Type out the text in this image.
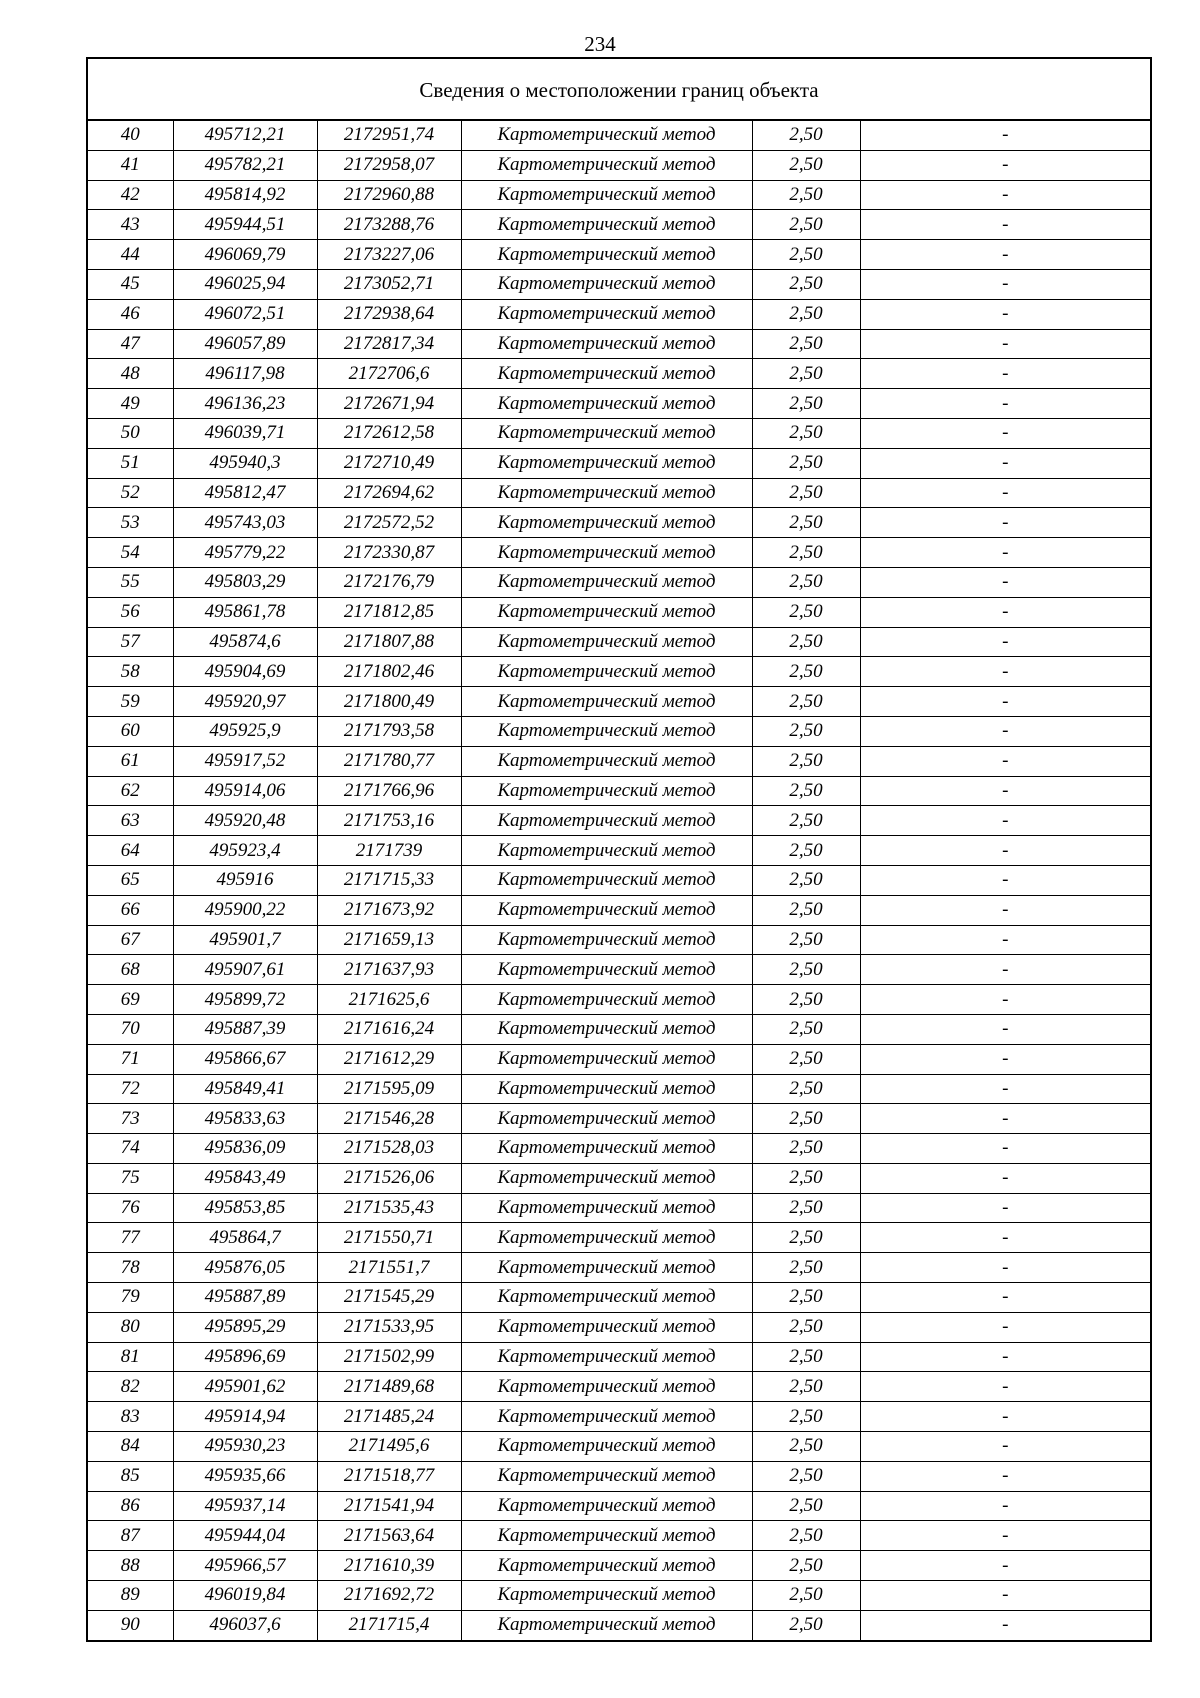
234
Сведения о местоположении границ объекта
40	495712,21	2172951,74	Картометрический метод	2,50	-
41	495782,21	2172958,07	Картометрический метод	2,50	-
42	495814,92	2172960,88	Картометрический метод	2,50	-
43	495944,51	2173288,76	Картометрический метод	2,50	-
44	496069,79	2173227,06	Картометрический метод	2,50	-
45	496025,94	2173052,71	Картометрический метод	2,50	-
46	496072,51	2172938,64	Картометрический метод	2,50	-
47	496057,89	2172817,34	Картометрический метод	2,50	-
48	496117,98	2172706,6	Картометрический метод	2,50	-
49	496136,23	2172671,94	Картометрический метод	2,50	-
50	496039,71	2172612,58	Картометрический метод	2,50	-
51	495940,3	2172710,49	Картометрический метод	2,50	-
52	495812,47	2172694,62	Картометрический метод	2,50	-
53	495743,03	2172572,52	Картометрический метод	2,50	-
54	495779,22	2172330,87	Картометрический метод	2,50	-
55	495803,29	2172176,79	Картометрический метод	2,50	-
56	495861,78	2171812,85	Картометрический метод	2,50	-
57	495874,6	2171807,88	Картометрический метод	2,50	-
58	495904,69	2171802,46	Картометрический метод	2,50	-
59	495920,97	2171800,49	Картометрический метод	2,50	-
60	495925,9	2171793,58	Картометрический метод	2,50	-
61	495917,52	2171780,77	Картометрический метод	2,50	-
62	495914,06	2171766,96	Картометрический метод	2,50	-
63	495920,48	2171753,16	Картометрический метод	2,50	-
64	495923,4	2171739	Картометрический метод	2,50	-
65	495916	2171715,33	Картометрический метод	2,50	-
66	495900,22	2171673,92	Картометрический метод	2,50	-
67	495901,7	2171659,13	Картометрический метод	2,50	-
68	495907,61	2171637,93	Картометрический метод	2,50	-
69	495899,72	2171625,6	Картометрический метод	2,50	-
70	495887,39	2171616,24	Картометрический метод	2,50	-
71	495866,67	2171612,29	Картометрический метод	2,50	-
72	495849,41	2171595,09	Картометрический метод	2,50	-
73	495833,63	2171546,28	Картометрический метод	2,50	-
74	495836,09	2171528,03	Картометрический метод	2,50	-
75	495843,49	2171526,06	Картометрический метод	2,50	-
76	495853,85	2171535,43	Картометрический метод	2,50	-
77	495864,7	2171550,71	Картометрический метод	2,50	-
78	495876,05	2171551,7	Картометрический метод	2,50	-
79	495887,89	2171545,29	Картометрический метод	2,50	-
80	495895,29	2171533,95	Картометрический метод	2,50	-
81	495896,69	2171502,99	Картометрический метод	2,50	-
82	495901,62	2171489,68	Картометрический метод	2,50	-
83	495914,94	2171485,24	Картометрический метод	2,50	-
84	495930,23	2171495,6	Картометрический метод	2,50	-
85	495935,66	2171518,77	Картометрический метод	2,50	-
86	495937,14	2171541,94	Картометрический метод	2,50	-
87	495944,04	2171563,64	Картометрический метод	2,50	-
88	495966,57	2171610,39	Картометрический метод	2,50	-
89	496019,84	2171692,72	Картометрический метод	2,50	-
90	496037,6	2171715,4	Картометрический метод	2,50	-
